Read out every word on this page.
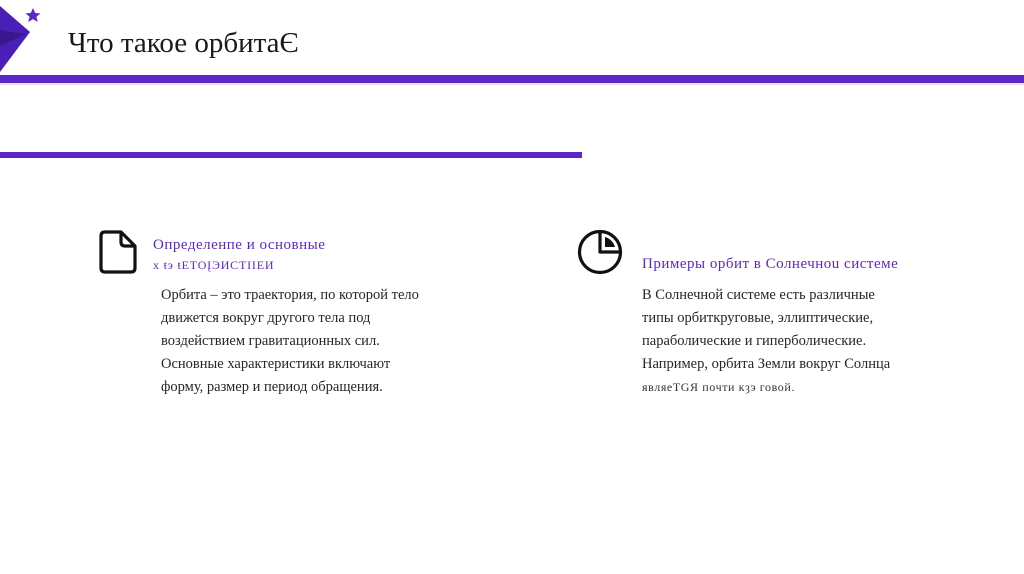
Что такое орбитаЄ
Определенпе и основные
х ŧэ ŧЕТОĮЭИСТIIЕИ

Орбита – это траектория, по которой тело
движется вокруг другого тела под
воздействием гравитационных сил.
Основные характеристики включают
форму, размер и период обращения.

Примеры орбит в Солнечноu системе

В Солнечной системе есть различные
типы орбиткруговые, эллиптические,
параболические и гиперболические.
Например, орбита Земли вокруг Солнца
являеТGЯ почти кȝэ говой.
